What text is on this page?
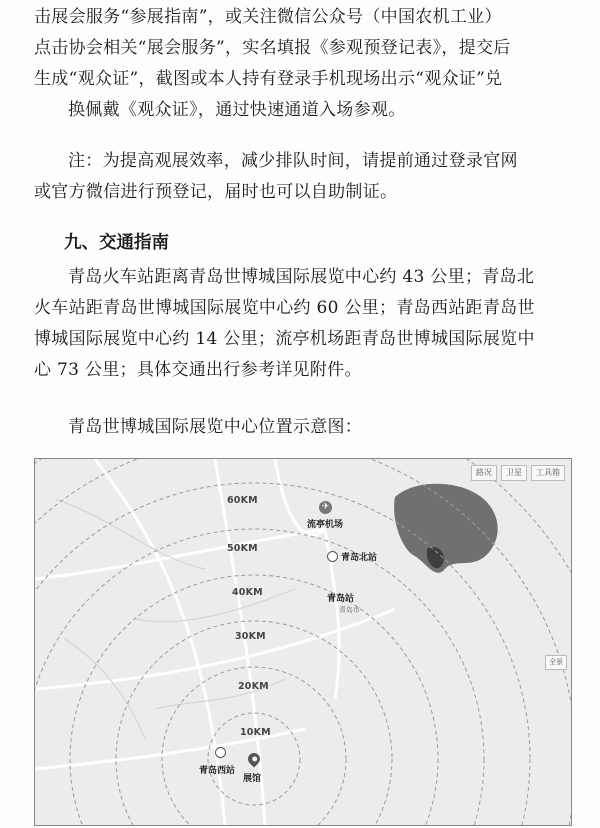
击展会服务“参展指南”，或关注微信公众号（中国农机工业）
点击协会相关“展会服务”，实名填报《参观预登记表》，提交后
生成“观众证”，截图或本人持有登录手机现场出示“观众证”兑
换佩戴《观众证》，通过快速通道入场参观。

注：为提高观展效率，减少排队时间，请提前通过登录官网
或官方微信进行预登记，届时也可以自助制证。

九、交通指南

青岛火车站距离青岛世博城国际展览中心约 43 公里；青岛北
火车站距青岛世博城国际展览中心约 60 公里；青岛西站距青岛世
博城国际展览中心约 14 公里；流亭机场距青岛世博城国际展览中
心 73 公里；具体交通出行参考详见附件。

青岛世博城国际展览中心位置示意图：

路况	卫星	工具箱
全景
60KM
50KM
40KM
30KM
20KM
10KM
✈
流亭机场
青岛北站
青岛站
青岛市
青岛西站
展馆
